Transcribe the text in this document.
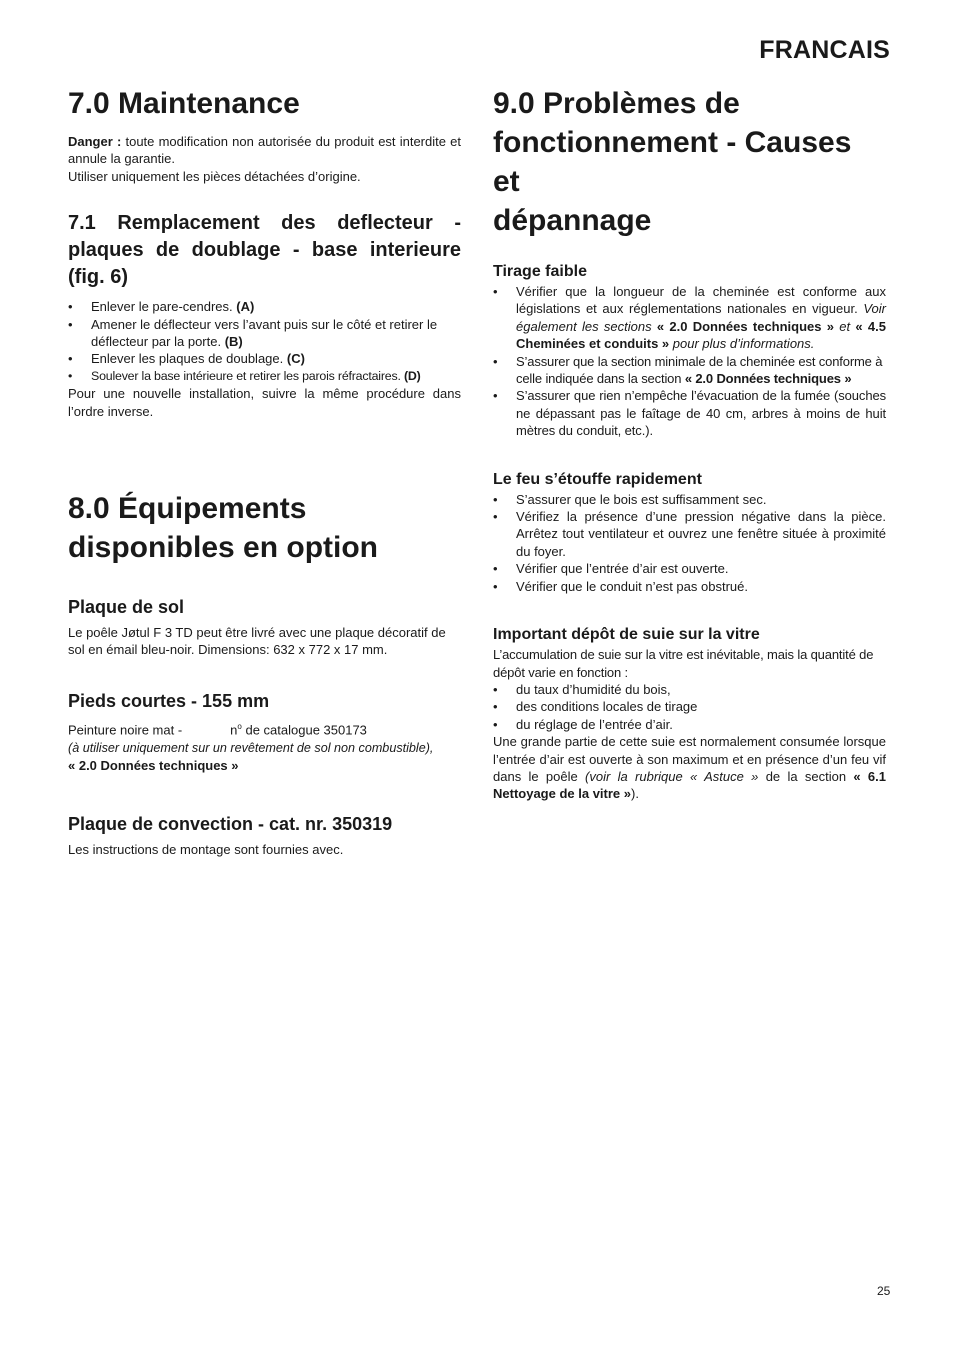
FRANCAIS
7.0 Maintenance

Danger : toute modification non autorisée du produit est interdite et annule la garantie.
Utiliser uniquement les pièces détachées d’origine.

7.1 Remplacement des deflecteur - plaques de doublage - base interieure (fig. 6)
• Enlever le pare-cendres. (A)
• Amener le déflecteur vers l’avant puis sur le côté et retirer le déflecteur par la porte. (B)
• Enlever les plaques de doublage. (C)
• Soulever la base intérieure et retirer les parois réfractaires. (D)

Pour une nouvelle installation, suivre la même procédure dans l’ordre inverse.

8.0 Équipements
disponibles en option
Plaque de sol

Le poêle Jøtul F 3 TD peut être livré avec une plaque décoratif de sol en émail bleu-noir. Dimensions: 632 x 772 x 17 mm.

Pieds courtes - 155 mm

Peinture noire mat -	$n^o$ de catalogue 350173
(à utiliser uniquement sur un revêtement de sol non combustible),
« 2.0 Données techniques »

Plaque de convection - cat. nr. 350319

Les instructions de montage sont fournies avec.

9.0 Problèmes de
fonctionnement - Causes et
dépannage
Tirage faible
• Vérifier que la longueur de la cheminée est conforme aux législations et aux réglementations nationales en vigueur. Voir également les sections « 2.0 Données techniques » et « 4.5 Cheminées et conduits » pour plus d’informations.
• S’assurer que la section minimale de la cheminée est conforme à celle indiquée dans la section « 2.0 Données techniques »
• S’assurer que rien n’empêche l’évacuation de la fumée (souches ne dépassant pas le faîtage de 40 cm, arbres à moins de huit mètres du conduit, etc.).
Le feu s’étouffe rapidement
• S’assurer que le bois est suffisamment sec.
• Vérifiez la présence d’une pression négative dans la pièce. Arrêtez tout ventilateur et ouvrez une fenêtre située à proximité du foyer.
• Vérifier que l’entrée d’air est ouverte.
• Vérifier que le conduit n’est pas obstrué.
Important dépôt de suie sur la vitre

L’accumulation de suie sur la vitre est inévitable, mais la quantité de dépôt varie en fonction :

• du taux d’humidité du bois,
• des conditions locales de tirage
• du réglage de l’entrée d’air.

Une grande partie de cette suie est normalement consumée lorsque l’entrée d’air est ouverte à son maximum et en présence d’un feu vif dans le poêle (voir la rubrique « Astuce » de la section « 6.1 Nettoyage de la vitre »).

25
